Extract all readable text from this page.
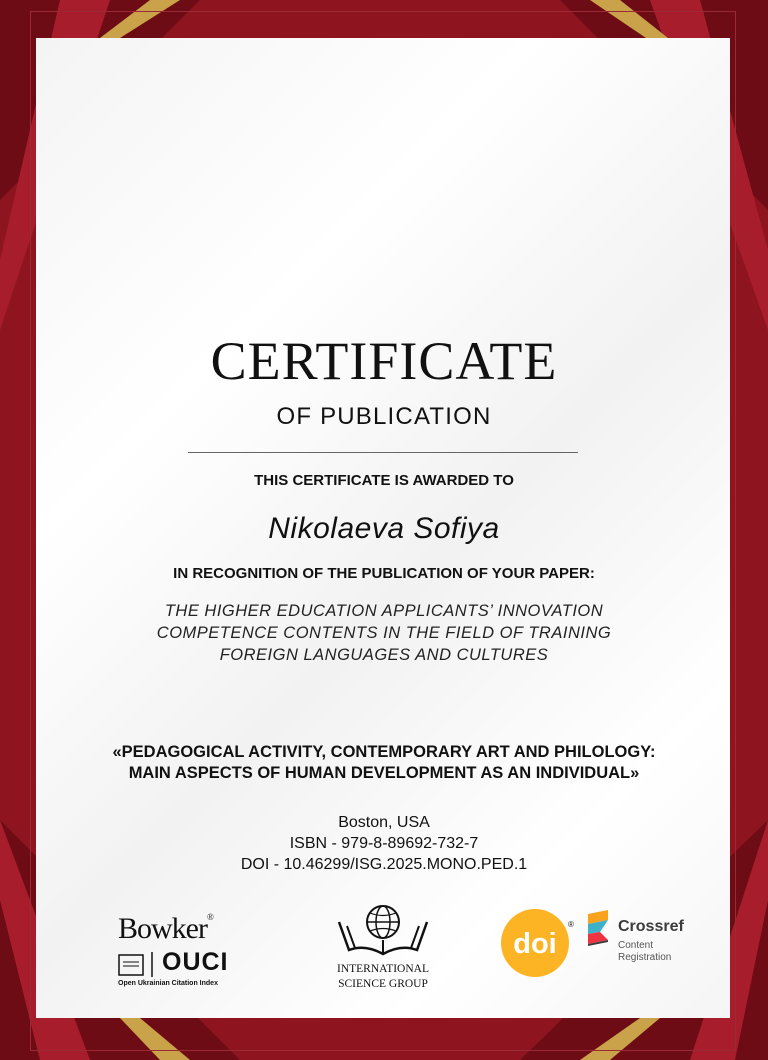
CERTIFICATE
OF PUBLICATION
THIS CERTIFICATE IS AWARDED TO
Nikolaeva Sofiya
IN RECOGNITION OF THE PUBLICATION OF YOUR PAPER:
THE HIGHER EDUCATION APPLICANTS’ INNOVATION
COMPETENCE CONTENTS IN THE FIELD OF TRAINING
FOREIGN LANGUAGES AND CULTURES
«PEDAGOGICAL ACTIVITY, CONTEMPORARY ART AND PHILOLOGY:
MAIN ASPECTS OF HUMAN DEVELOPMENT AS AN INDIVIDUAL»
Boston, USA
ISBN - 979-8-89692-732-7
DOI - 10.46299/ISG.2025.MONO.PED.1
Bowker®
OUCI
Open Ukrainian Citation Index
INTERNATIONAL
SCIENCE GROUP
doi
®	Crossref
Content
Registration
